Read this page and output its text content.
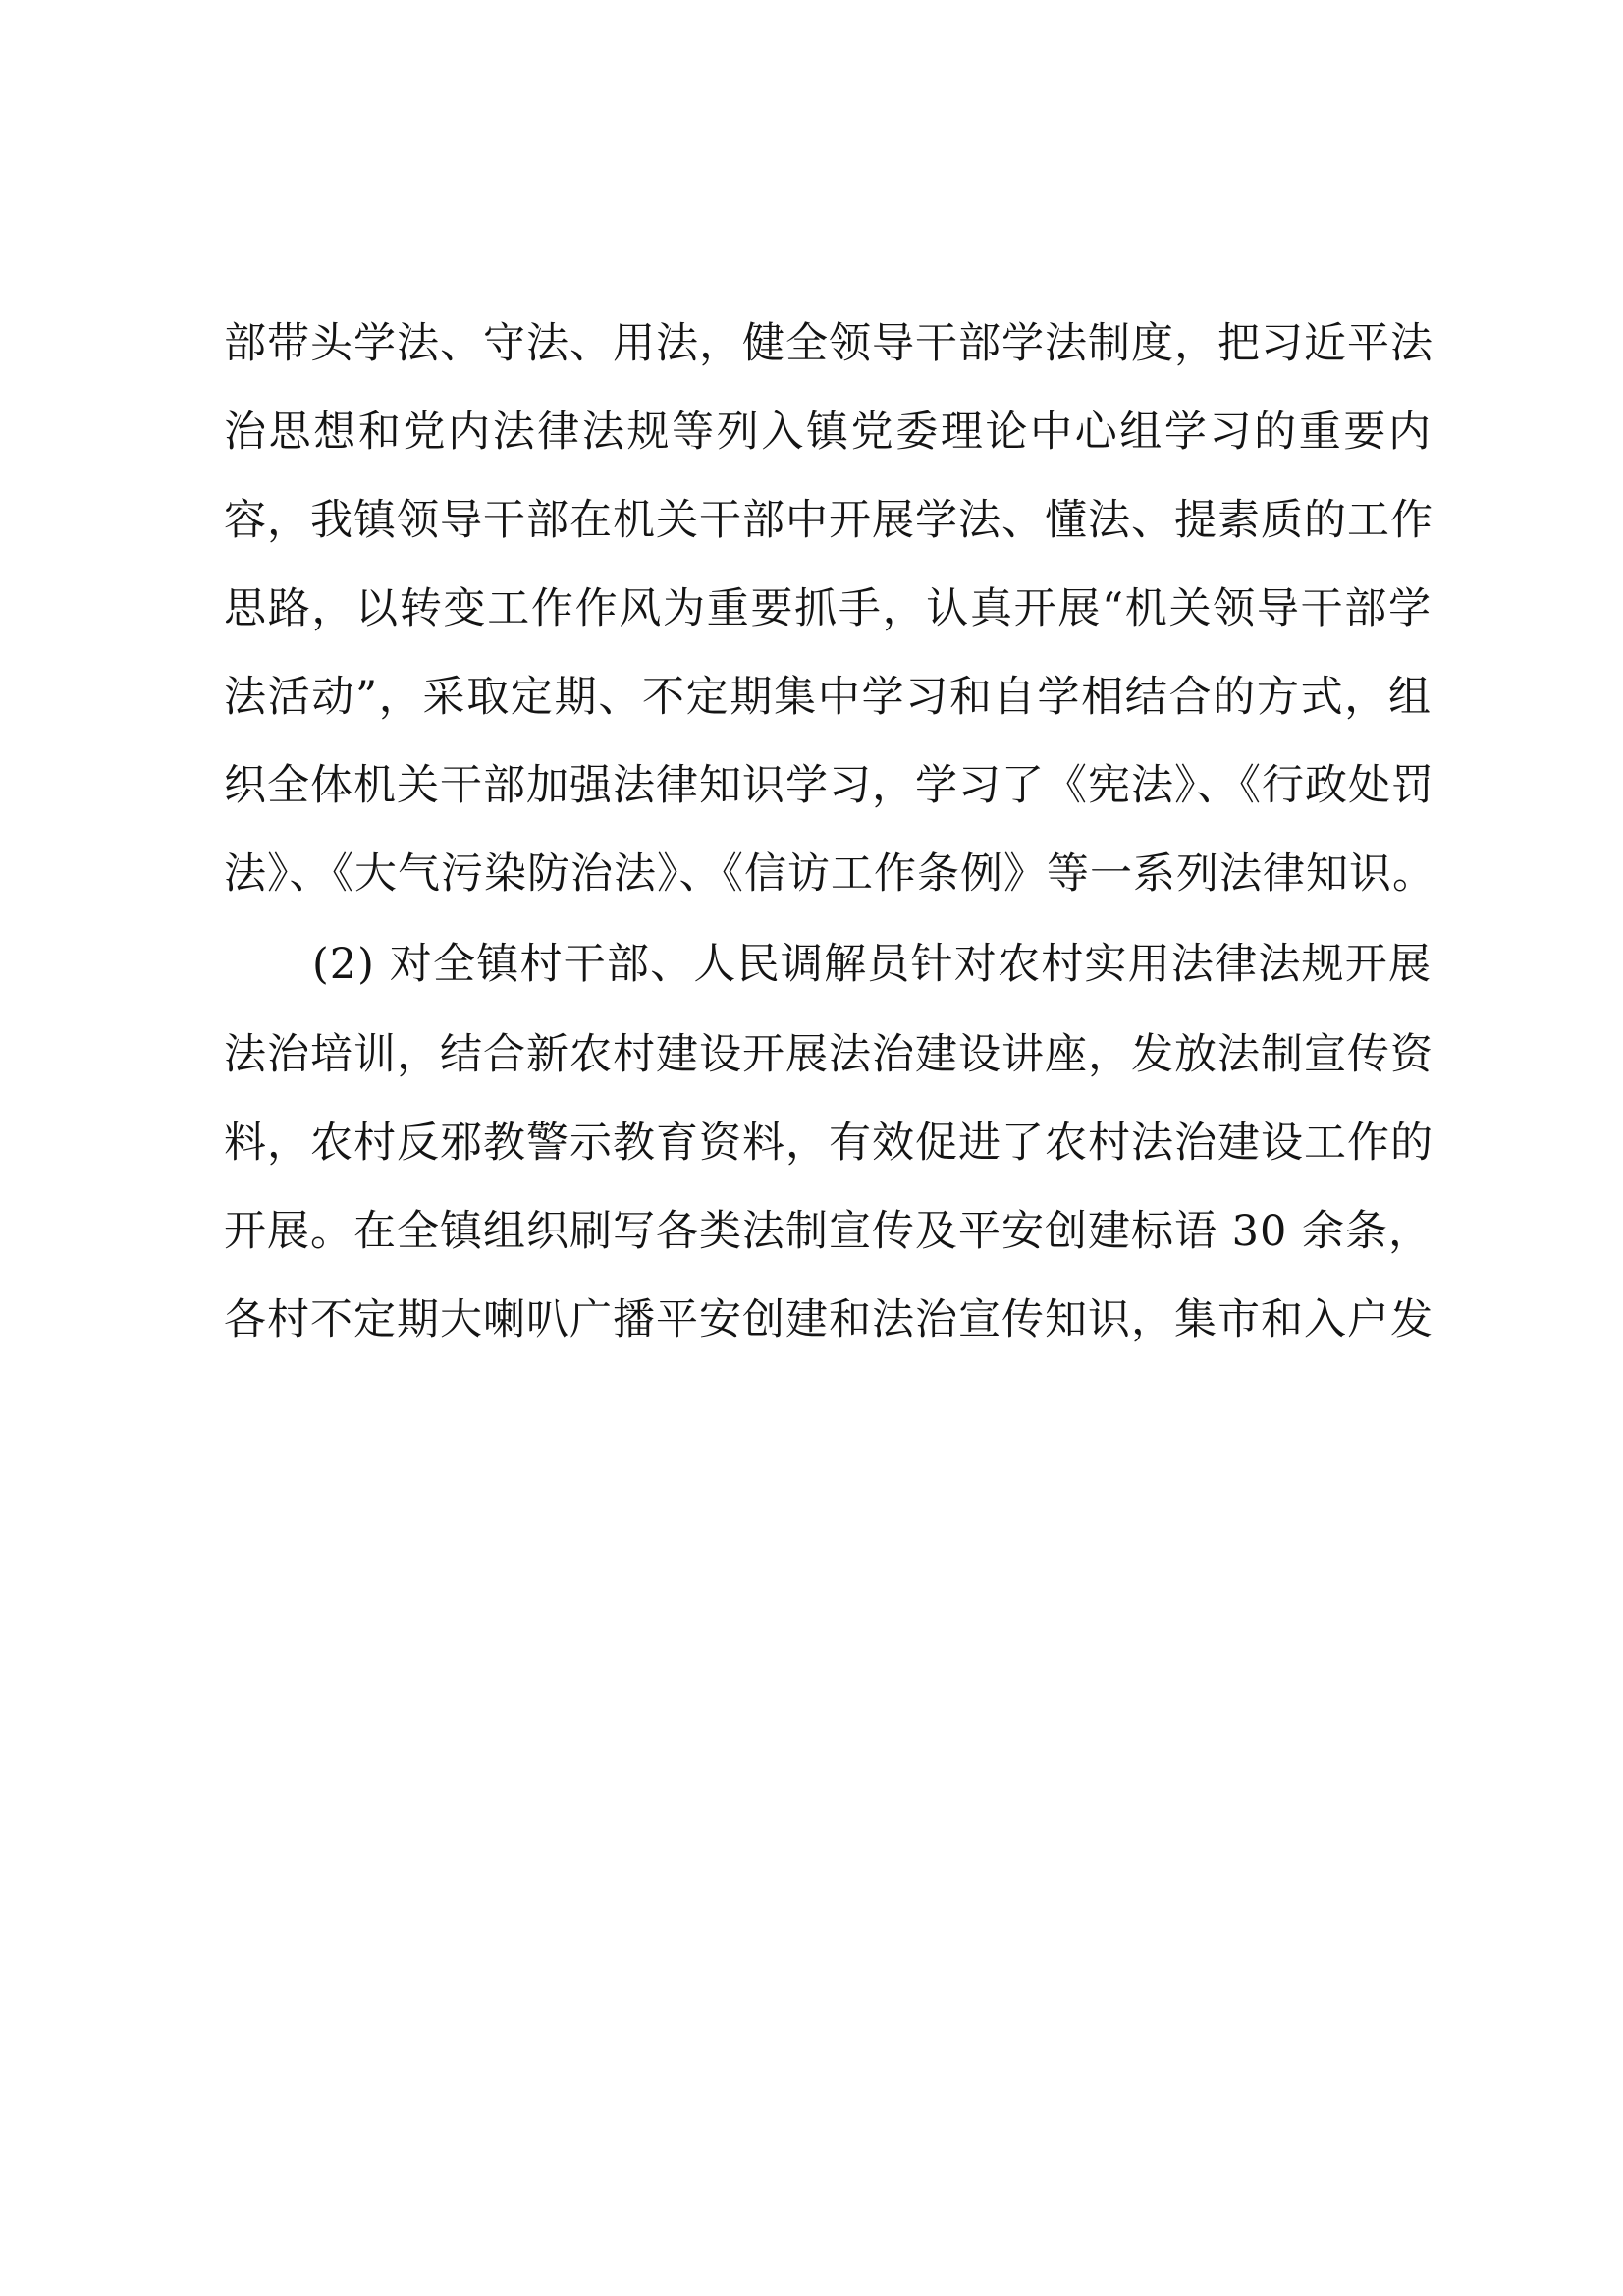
部带头学法、守法、用法，健全领导干部学法制度，把习近平法
治思想和党内法律法规等列入镇党委理论中心组学习的重要内
容，我镇领导干部在机关干部中开展学法、懂法、提素质的工作
思路，以转变工作作风为重要抓手，认真开展“机关领导干部学
法活动”，采取定期、不定期集中学习和自学相结合的方式，组
织全体机关干部加强法律知识学习，学习了《宪法》、《行政处罚
法》、《大气污染防治法》、《信访工作条例》等一系列法律知识。
(2) 对全镇村干部、人民调解员针对农村实用法律法规开展
法治培训，结合新农村建设开展法治建设讲座，发放法制宣传资
料，农村反邪教警示教育资料，有效促进了农村法治建设工作的
开展。在全镇组织刷写各类法制宣传及平安创建标语 30 余条，
各村不定期大喇叭广播平安创建和法治宣传知识，集市和入户发
